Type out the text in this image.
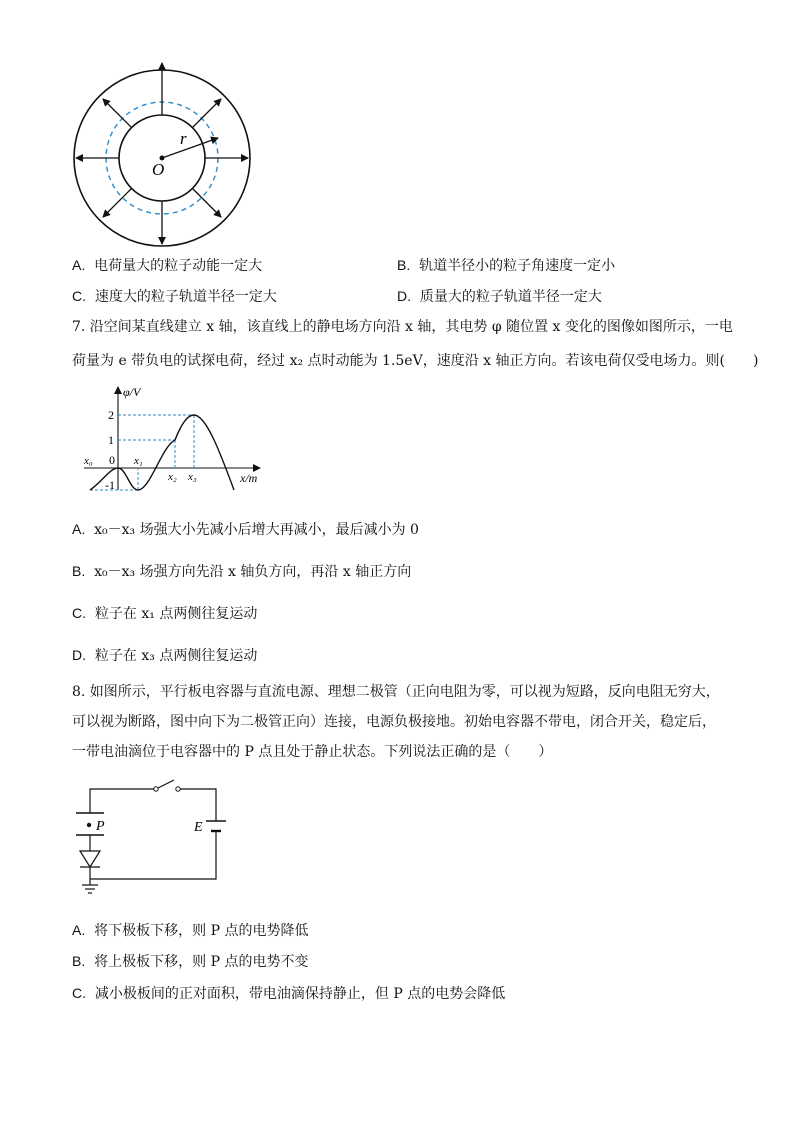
r
O
A. 电荷量大的粒子动能一定大	B. 轨道半径小的粒子角速度一定小
C. 速度大的粒子轨道半径一定大	D. 质量大的粒子轨道半径一定大
7. 沿空间某直线建立 x 轴，该直线上的静电场方向沿 x 轴，其电势 φ 随位置 x 变化的图像如图所示，一电
荷量为 e 带负电的试探电荷，经过 x₂ 点时动能为 1.5eV，速度沿 x 轴正方向。若该电荷仅受电场力。则(　　)
φ/V
x/m
2
1
0
-1
x₀	x₁
x₂ x₃
A. x₀－x₃ 场强大小先减小后增大再减小，最后减小为 0
B. x₀－x₃ 场强方向先沿 x 轴负方向，再沿 x 轴正方向
C. 粒子在 x₁ 点两侧往复运动
D. 粒子在 x₃ 点两侧往复运动
8. 如图所示，平行板电容器与直流电源、理想二极管（正向电阻为零，可以视为短路，反向电阻无穷大，
可以视为断路，图中向下为二极管正向）连接，电源负极接地。初始电容器不带电，闭合开关，稳定后，
一带电油滴位于电容器中的 P 点且处于静止状态。下列说法正确的是（　　）
P	E
A. 将下极板下移，则 P 点的电势降低
B. 将上极板下移，则 P 点的电势不变
C. 减小极板间的正对面积，带电油滴保持静止，但 P 点的电势会降低
